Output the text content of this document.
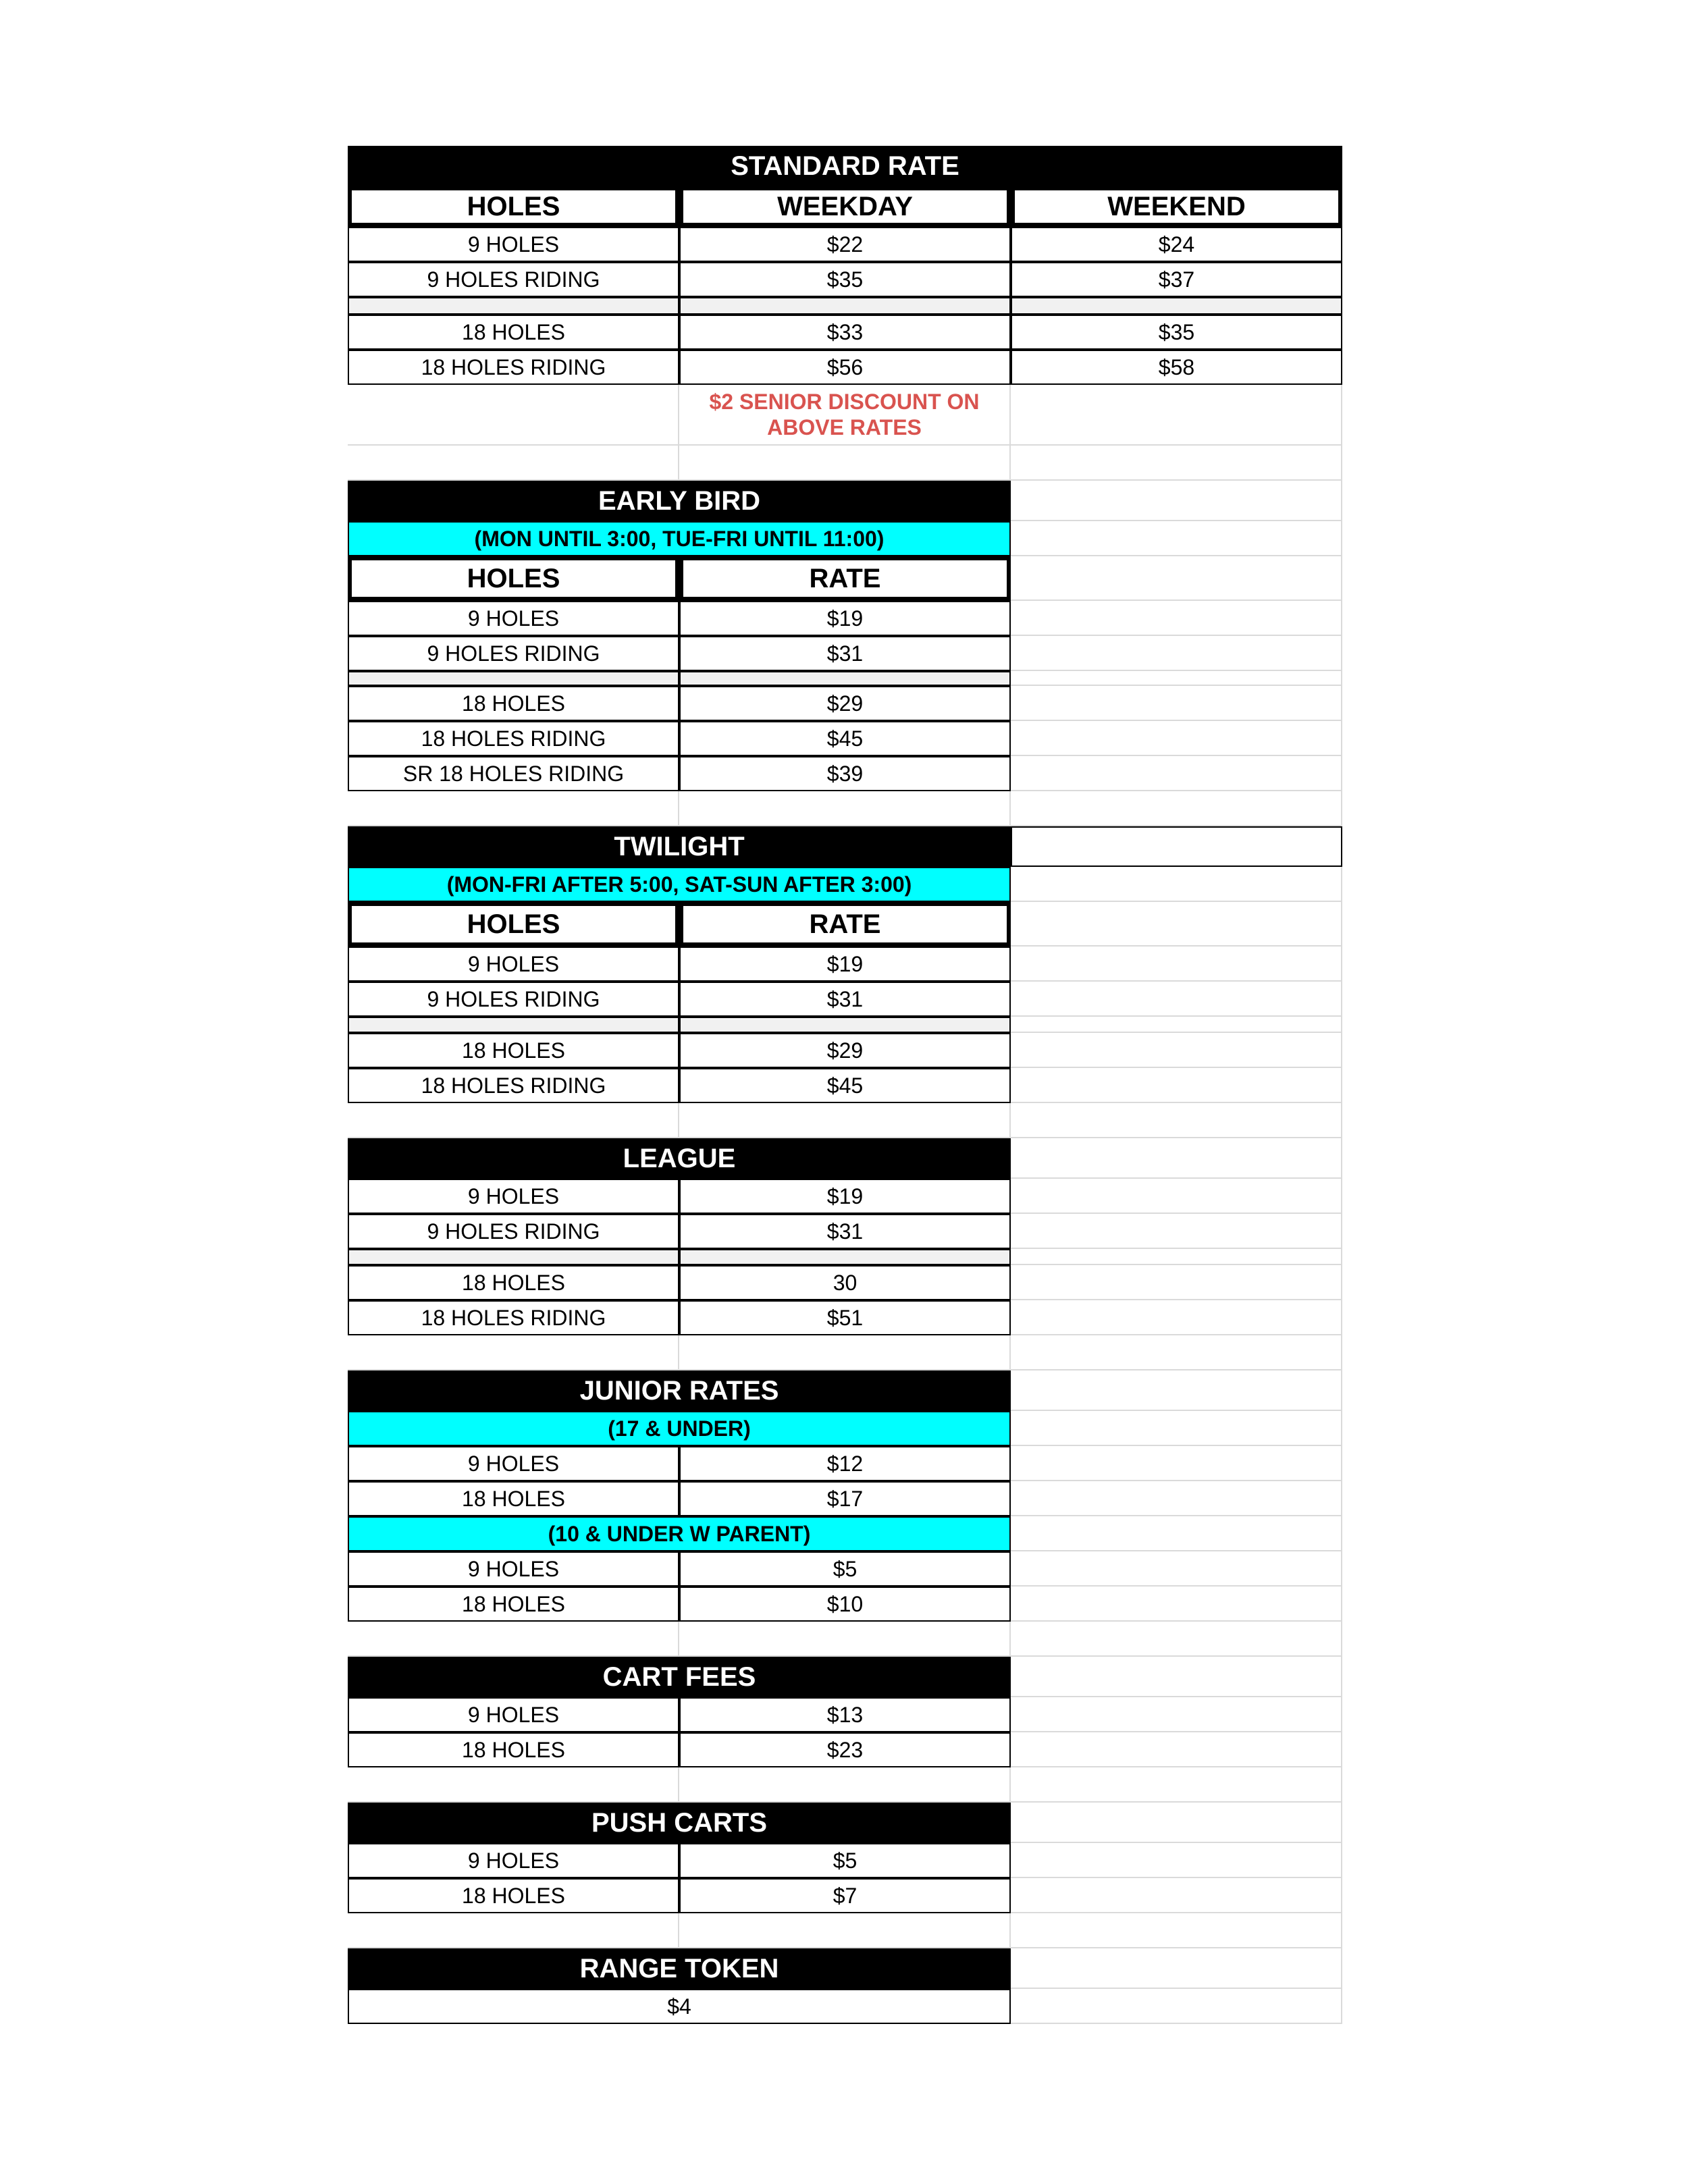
STANDARD RATE
HOLES	WEEKDAY	WEEKEND
9 HOLES	$22	$24
9 HOLES RIDING	$35	$37
18 HOLES	$33	$35
18 HOLES RIDING	$56	$58
$2 SENIOR DISCOUNT ON ABOVE RATES
EARLY BIRD
(MON UNTIL 3:00, TUE-FRI UNTIL 11:00)
HOLES	RATE
9 HOLES	$19
9 HOLES RIDING	$31
18 HOLES	$29
18 HOLES RIDING	$45
SR 18 HOLES RIDING	$39
TWILIGHT
(MON-FRI AFTER 5:00, SAT-SUN AFTER 3:00)
HOLES	RATE
9 HOLES	$19
9 HOLES RIDING	$31
18 HOLES	$29
18 HOLES RIDING	$45
LEAGUE
9 HOLES	$19
9 HOLES RIDING	$31
18 HOLES	30
18 HOLES RIDING	$51
JUNIOR RATES
(17 & UNDER)
9 HOLES	$12
18 HOLES	$17
(10 & UNDER W PARENT)
9 HOLES	$5
18 HOLES	$10
CART FEES
9 HOLES	$13
18 HOLES	$23
PUSH CARTS
9 HOLES	$5
18 HOLES	$7
RANGE TOKEN
$4
